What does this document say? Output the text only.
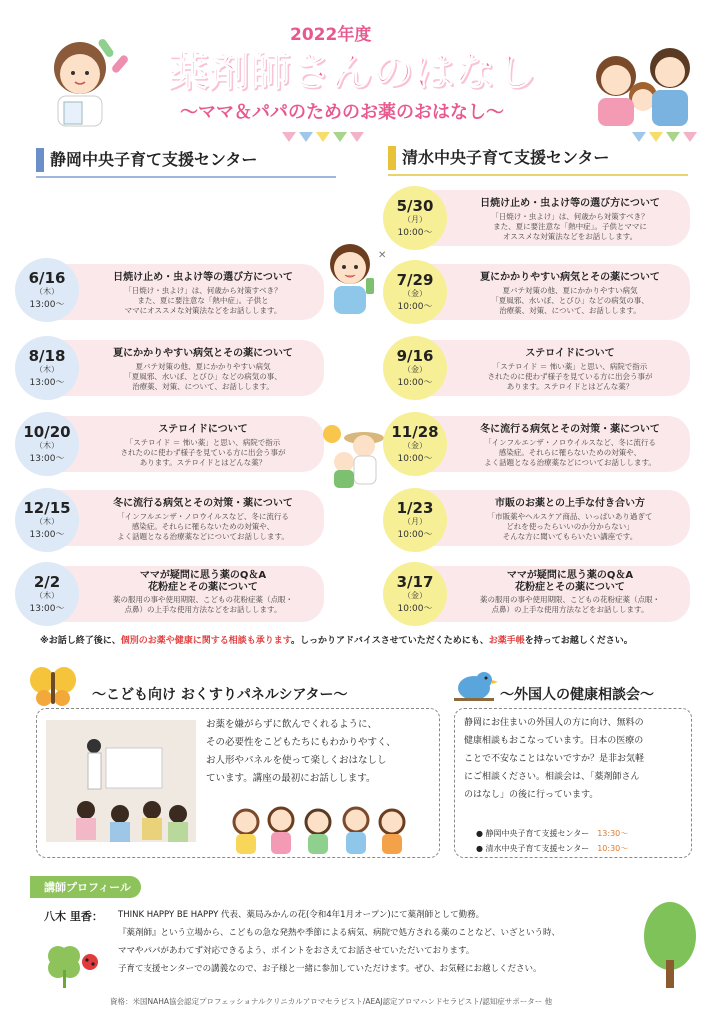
2022年度
薬剤師さんのはなし
～ママ＆パパのためのお薬のおはなし～
静岡中央子育て支援センター	清水中央子育て支援センター
6/16
（木）
13:00～
日焼け止め・虫よけ等の選び方について
「日焼け・虫よけ」は、何歳から対策すべき？
また、夏に要注意な「熱中症」。子供と
ママにオススメな対策法などをお話しします。
8/18
（木）
13:00～
夏にかかりやすい病気とその薬について
夏バテ対策の他、夏にかかりやすい病気
「夏風邪、水いぼ、とびひ」などの病気の事、
治療薬、対策、について、お話しします。
10/20
（木）
13:00～
ステロイドについて
「ステロイド ＝ 怖い薬」と思い、病院で指示
されたのに使わず様子を見ている方に出会う事が
あります。ステロイドとはどんな薬？
12/15
（木）
13:00～
冬に流行る病気とその対策・薬について
「インフルエンザ・ノロウイルスなど、冬に流行る
感染症。それらに罹らないための対策や、
よく話題となる治療薬などについてお話しします。
2/2
（木）
13:00～
ママが疑問に思う薬のQ＆A
花粉症とその薬について
薬の服用の事や使用期限、こどもの花粉症薬（点眼・
点鼻）の上手な使用方法などをお話しします。
✕
5/30
（月）
10:00～
日焼け止め・虫よけ等の選び方について
「日焼け・虫よけ」は、何歳から対策すべき？
また、夏に要注意な「熱中症」。子供とママに
オススメな対策法などをお話しします。
7/29
（金）
10:00～
夏にかかりやすい病気とその薬について
夏バテ対策の他、夏にかかりやすい病気
「夏風邪、水いぼ、とびひ」などの病気の事、
治療薬、対策、について、お話しします。
9/16
（金）
10:00～
ステロイドについて
「ステロイド ＝ 怖い薬」と思い、病院で指示
されたのに使わず様子を見ている方に出会う事が
あります。ステロイドとはどんな薬？
11/28
（金）
10:00～
冬に流行る病気とその対策・薬について
「インフルエンザ・ノロウイルスなど、冬に流行る
感染症。それらに罹らないための対策や、
よく話題となる治療薬などについてお話しします。
1/23
（月）
10:00～
市販のお薬との上手な付き合い方
「市販薬やヘルスケア商品、いっぱいあり過ぎて
どれを使ったらいいのか分からない」
そんな方に聞いてもらいたい講座です。
3/17
（金）
10:00～
ママが疑問に思う薬のQ＆A
花粉症とその薬について
薬の服用の事や使用期限、こどもの花粉症薬（点眼・
点鼻）の上手な使用方法などをお話しします。
※お話し終了後に、個別のお薬や健康に関する相談も承ります。しっかりアドバイスさせていただくためにも、お薬手帳を持ってお越しください。
～こども向け おくすりパネルシアター～
お薬を嫌がらずに飲んでくれるように、
その必要性をこどもたちにもわかりやすく、
お人形やパネルを使って楽しくおはなしし
ています。講座の最初にお話しします。
～外国人の健康相談会～
静岡にお住まいの外国人の方に向け、無料の
健康相談もおこなっています。日本の医療の
ことで不安なことはないですか？是非お気軽
にご相談ください。相談会は、「薬剤師さん
のはなし」の後に行っています。
● 静岡中央子育て支援センター　 13:30～
● 清水中央子育て支援センター　 10:30～
講師プロフィール
八木 里香： THINK HAPPY BE HAPPY 代表、薬局みかんの花(令和4年1月オープン)にて薬剤師として勤務。
『薬剤師』という立場から、こどもの急な発熱や季節による病気、病院で処方される薬のことなど、いざという時、
ママやパパがあわてず対応できるよう、ポイントをおさえてお話させていただいております。
子育て支援センターでの講義なので、お子様と一緒に参加していただけます。ぜひ、お気軽にお越しください。
資格：米国NAHA協会認定プロフェッショナルクリニカルアロマセラピスト/AEAJ認定アロマハンドセラピスト/認知症サポーター 他
